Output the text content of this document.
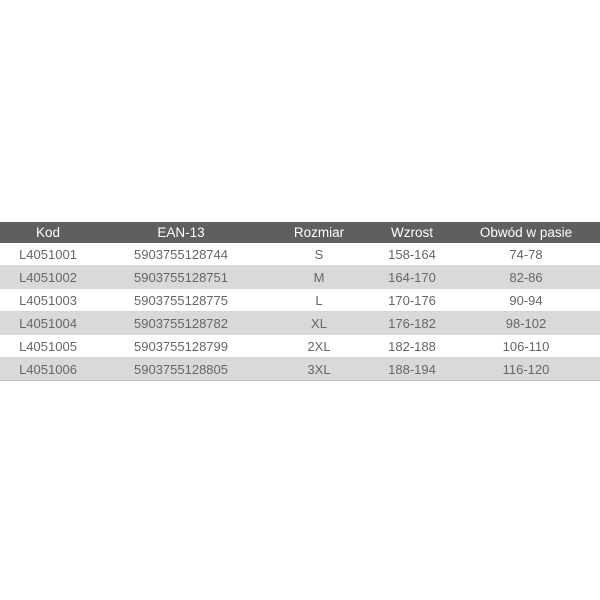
Kod	EAN-13	Rozmiar	Wzrost	Obwód w pasie
L4051001	5903755128744	S	158-164	74-78
L4051002	5903755128751	M	164-170	82-86
L4051003	5903755128775	L	170-176	90-94
L4051004	5903755128782	XL	176-182	98-102
L4051005	5903755128799	2XL	182-188	106-110
L4051006	5903755128805	3XL	188-194	116-120
